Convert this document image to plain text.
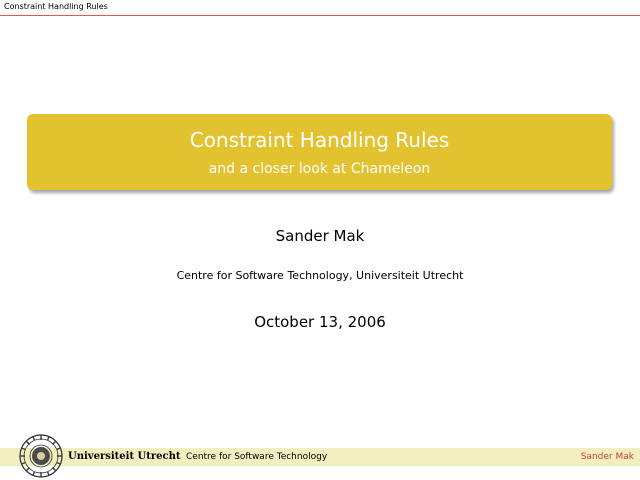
Constraint Handling Rules
Constraint Handling Rules
and a closer look at Chameleon
Sander Mak
Centre for Software Technology, Universiteit Utrecht
October 13, 2006
Universiteit Utrecht Centre for Software Technology	Sander Mak
